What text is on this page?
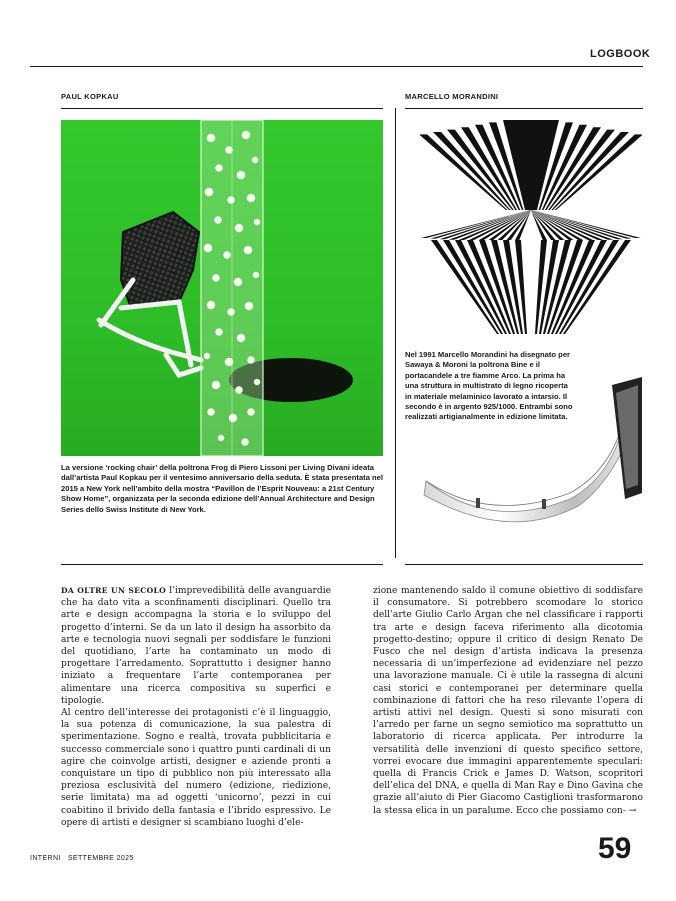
LOGBOOK
PAUL KOPKAU	MARCELLO MORANDINI
La versione ‘rocking chair’ della poltrona Frog di Piero Lissoni per Living Divani ideata dall’artista Paul Kopkau per il ventesimo anniversario della seduta. È stata presentata nel 2015 a New York nell’ambito della mostra “Pavillon de l’Esprit Nouveau: a 21st Century Show Home”, organizzata per la seconda edizione dell’Annual Architecture and Design Series dello Swiss Institute di New York.
Nel 1991 Marcello Morandini ha disegnato per Sawaya & Moroni la poltrona Bine e il portacandele a tre fiamme Arco. La prima ha una struttura in multistrato di legno ricoperta in materiale melaminico lavorato a intarsio. Il secondo è in argento 925/1000. Entrambi sono realizzati artigianalmente in edizione limitata.

DA OLTRE UN SECOLO l’imprevedibilità delle avanguardie che ha dato vita a sconfinamenti disciplinari. Quello tra arte e design accompagna la storia e lo sviluppo del progetto d’interni. Se da un lato il design ha assorbito da arte e tecnologia nuovi segnali per soddisfare le funzioni del quotidiano, l’arte ha contaminato un modo di progettare l’arredamento. Soprattutto i designer hanno iniziato a frequentare l’arte contemporanea per alimentare una ricerca compositiva su superfici e tipologie.

Al centro dell’interesse dei protagonisti c’è il linguaggio, la sua potenza di comunicazione, la sua palestra di sperimentazione. Sogno e realtà, trovata pubblicitaria e successo commerciale sono i quattro punti cardinali di un agire che coinvolge artisti, designer e aziende pronti a conquistare un tipo di pubblico non più interessato alla preziosa esclusività del numero (edizione, riedizione, serie limitata) ma ad oggetti ‘unicorno’, pezzi in cui coabitino il brivido della fantasia e l’ibrido espressivo. Le opere di artisti e designer si scambiano luoghi d’ele-

zione mantenendo saldo il comune obiettivo di soddisfare il consumatore. Si potrebbero scomodare lo storico dell’arte Giulio Carlo Argan che nel classificare i rapporti tra arte e design faceva riferimento alla dicotomia progetto-destino; oppure il critico di design Renato De Fusco che nel design d’artista indicava la presenza necessaria di un’imperfezione ad evidenziare nel pezzo una lavorazione manuale. Ci è utile la rassegna di alcuni casi storici e contemporanei per determinare quella combinazione di fattori che ha reso rilevante l’opera di artisti attivi nel design. Questi si sono misurati con l’arredo per farne un segno semiotico ma soprattutto un laboratorio di ricerca applicata. Per introdurre la versatilità delle invenzioni di questo specifico settore, vorrei evocare due immagini apparentemente speculari: quella di Francis Crick e James D. Watson, scopritori dell’elica del DNA, e quella di Man Ray e Dino Gavina che grazie all’aiuto di Pier Giacomo Castiglioni trasformarono la stessa elica in un paralume. Ecco che possiamo con- →

INTERNI SETTEMBRE 2025	59
